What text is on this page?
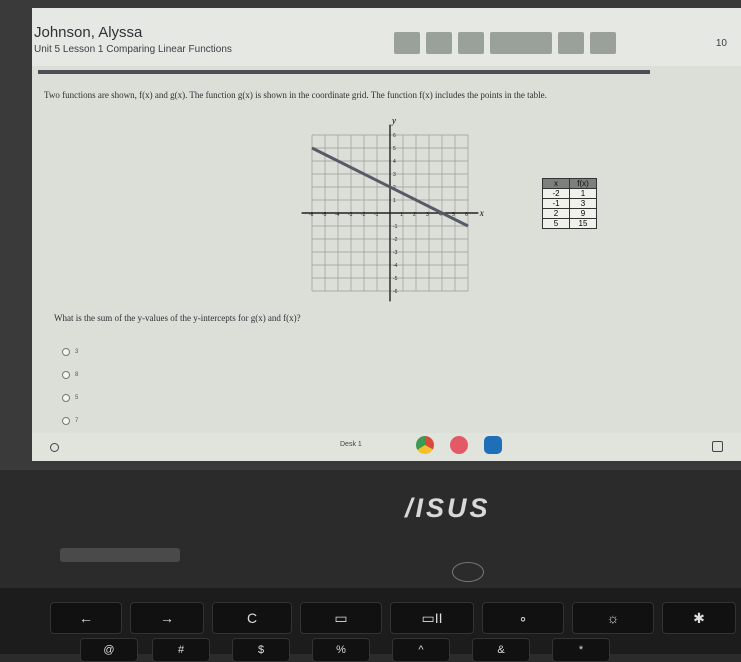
Johnson, Alyssa
Unit 5 Lesson 1 Comparing Linear Functions
10
Two functions are shown, f(x) and g(x). The function g(x) is shown in the coordinate grid. The function f(x) includes the points in the table.
-6 -5 -4 -3 -2 -1	1 2 3 4 5 6
6
5
4
3
1
-1
-2
-3
-4
-5
-6
x
y
x	f(x)
-2	1
-1	3
2	9
5	15
What is the sum of the y-values of the y-intercepts for g(x) and f(x)?
3
8
5
7
Desk 1
/ISUS
←	→	C	▭	▭II	∘	☼	✱
@	#	$	%	^	&	*
